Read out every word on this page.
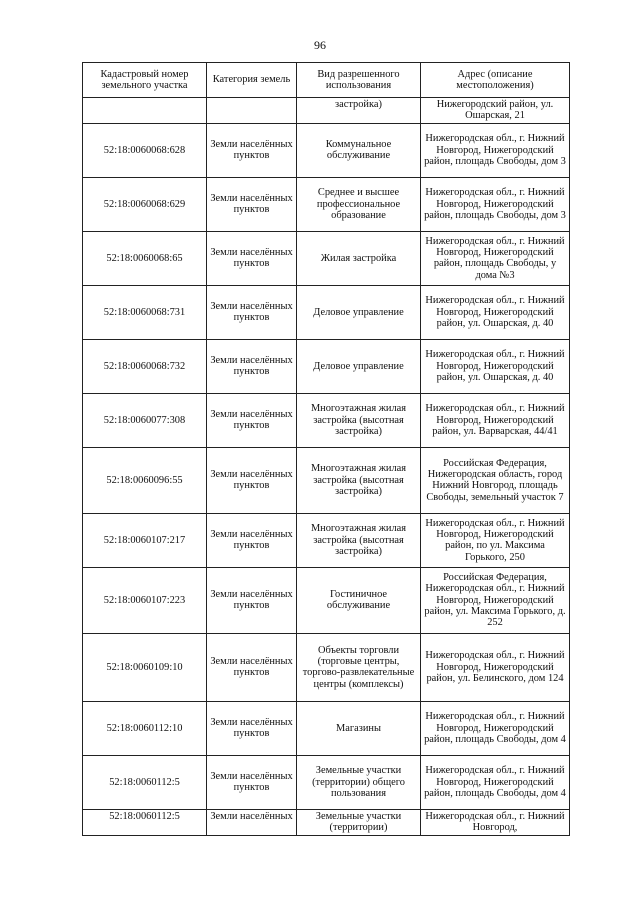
96
Кадастровый номер земельного участка	Категория земель	Вид разрешенного использования	Адрес (описание местоположения)
		застройка)	Нижегородский район, ул. Ошарская, 21
52:18:0060068:628	Земли населённых пунктов	Коммунальное обслуживание	Нижегородская обл., г. Нижний Новгород, Нижегородский район, площадь Свободы, дом 3
52:18:0060068:629	Земли населённых пунктов	Среднее и высшее профессиональное образование	Нижегородская обл., г. Нижний Новгород, Нижегородский район, площадь Свободы, дом 3
52:18:0060068:65	Земли населённых пунктов	Жилая застройка	Нижегородская обл., г. Нижний Новгород, Нижегородский район, площадь Свободы, у дома №3
52:18:0060068:731	Земли населённых пунктов	Деловое управление	Нижегородская обл., г. Нижний Новгород, Нижегородский район, ул. Ошарская, д. 40
52:18:0060068:732	Земли населённых пунктов	Деловое управление	Нижегородская обл., г. Нижний Новгород, Нижегородский район, ул. Ошарская, д. 40
52:18:0060077:308	Земли населённых пунктов	Многоэтажная жилая застройка (высотная застройка)	Нижегородская обл., г. Нижний Новгород, Нижегородский район, ул. Варварская, 44/41
52:18:0060096:55	Земли населённых пунктов	Многоэтажная жилая застройка (высотная застройка)	Российская Федерация, Нижегородская область, город Нижний Новгород, площадь Свободы, земельный участок 7
52:18:0060107:217	Земли населённых пунктов	Многоэтажная жилая застройка (высотная застройка)	Нижегородская обл., г. Нижний Новгород, Нижегородский район, по ул. Максима Горького, 250
52:18:0060107:223	Земли населённых пунктов	Гостиничное обслуживание	Российская Федерация, Нижегородская обл., г. Нижний Новгород, Нижегородский район, ул. Максима Горького, д. 252
52:18:0060109:10	Земли населённых пунктов	Объекты торговли (торговые центры, торгово-развлекательные центры (комплексы)	Нижегородская обл., г. Нижний Новгород, Нижегородский район, ул. Белинского, дом 124
52:18:0060112:10	Земли населённых пунктов	Магазины	Нижегородская обл., г. Нижний Новгород, Нижегородский район, площадь Свободы, дом 4
52:18:0060112:5	Земли населённых пунктов	Земельные участки (территории) общего пользования	Нижегородская обл., г. Нижний Новгород, Нижегородский район, площадь Свободы, дом 4
52:18:0060112:5	Земли населённых	Земельные участки (территории)	Нижегородская обл., г. Нижний Новгород,
